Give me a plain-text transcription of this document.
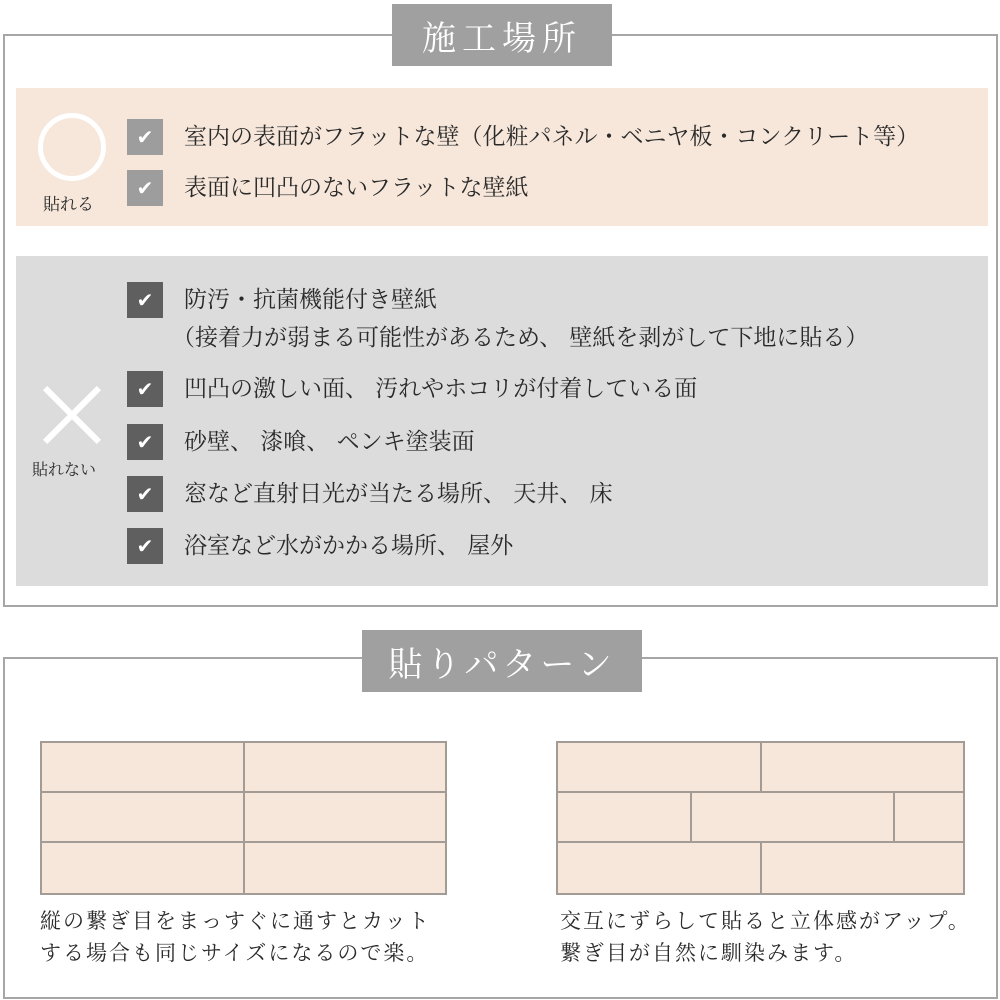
施工場所
貼れる
✔	室内の表面がフラットな壁（化粧パネル・ベニヤ板・コンクリート等）
✔	表面に凹凸のないフラットな壁紙
貼れない
✔	防汚・抗菌機能付き壁紙
（接着力が弱まる可能性があるため、 壁紙を剥がして下地に貼る）
✔	凹凸の激しい面、 汚れやホコリが付着している面
✔	砂壁、 漆喰、 ペンキ塗装面
✔	窓など直射日光が当たる場所、 天井、 床
✔	浴室など水がかかる場所、 屋外
貼りパターン
縦の繋ぎ目をまっすぐに通すとカット
する場合も同じサイズになるので楽。
交互にずらして貼ると立体感がアップ。
繋ぎ目が自然に馴染みます。
